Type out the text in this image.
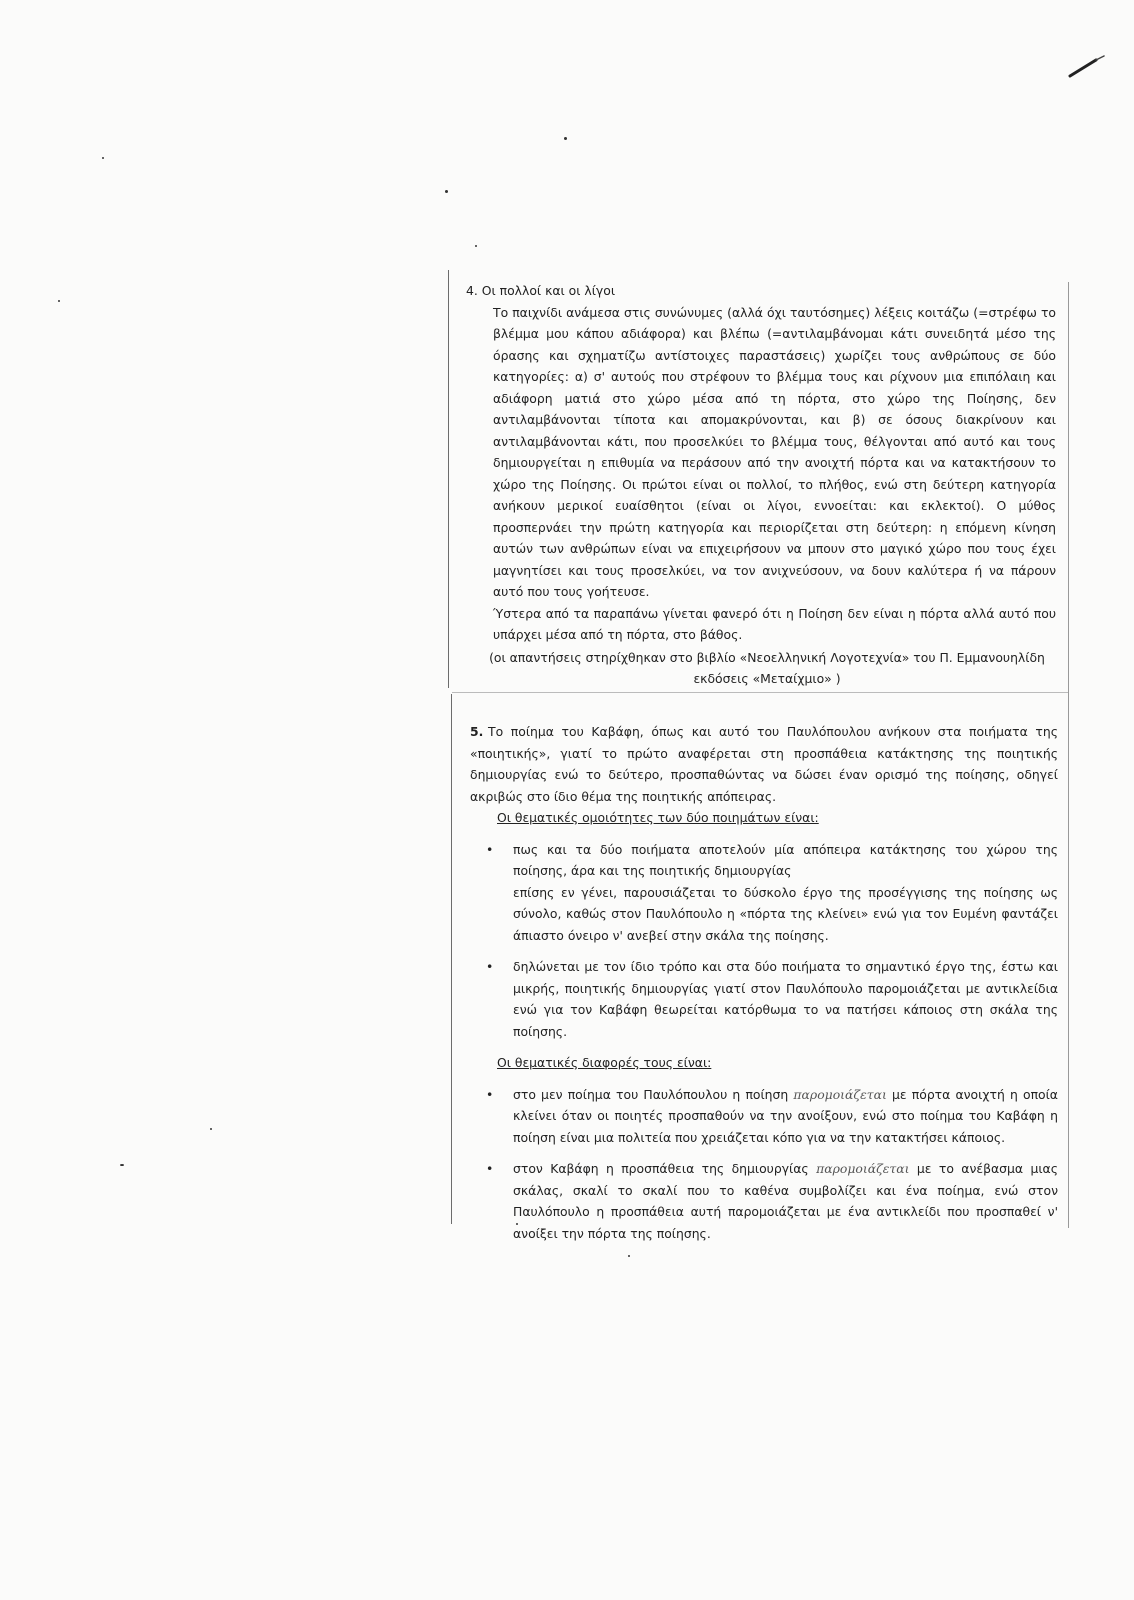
4. Οι πολλοί και οι λίγοι

Το παιχνίδι ανάμεσα στις συνώνυμες (αλλά όχι ταυτόσημες) λέξεις κοιτάζω (=στρέφω το βλέμμα μου κάπου αδιάφορα) και βλέπω (=αντιλαμβάνομαι κάτι συνειδητά μέσο της όρασης και σχηματίζω αντίστοιχες παραστάσεις) χωρίζει τους ανθρώπους σε δύο κατηγορίες: α) σ' αυτούς που στρέφουν το βλέμμα τους και ρίχνουν μια επιπόλαιη και αδιάφορη ματιά στο χώρο μέσα από τη πόρτα, στο χώρο της Ποίησης, δεν αντιλαμβάνονται τίποτα και απομακρύνονται, και β) σε όσους διακρίνουν και αντιλαμβάνονται κάτι, που προσελκύει το βλέμμα τους, θέλγονται από αυτό και τους δημιουργείται η επιθυμία να περάσουν από την ανοιχτή πόρτα και να κατακτήσουν το χώρο της Ποίησης. Οι πρώτοι είναι οι πολλοί, το πλήθος, ενώ στη δεύτερη κατηγορία ανήκουν μερικοί ευαίσθητοι (είναι οι λίγοι, εννοείται: και εκλεκτοί). Ο μύθος προσπερνάει την πρώτη κατηγορία και περιορίζεται στη δεύτερη: η επόμενη κίνηση αυτών των ανθρώπων είναι να επιχειρήσουν να μπουν στο μαγικό χώρο που τους έχει μαγνητίσει και τους προσελκύει, να τον ανιχνεύσουν, να δουν καλύτερα ή να πάρουν αυτό που τους γοήτευσε.

Ύστερα από τα παραπάνω γίνεται φανερό ότι η Ποίηση δεν είναι η πόρτα αλλά αυτό που υπάρχει μέσα από τη πόρτα, στο βάθος.

(οι απαντήσεις στηρίχθηκαν στο βιβλίο «Νεοελληνική Λογοτεχνία» του Π. Εμμανουηλίδη
εκδόσεις «Μεταίχμιο» )

5. Το ποίημα του Καβάφη, όπως και αυτό του Παυλόπουλου ανήκουν στα ποιήματα της «ποιητικής», γιατί το πρώτο αναφέρεται στη προσπάθεια κατάκτησης της ποιητικής δημιουργίας ενώ το δεύτερο, προσπαθώντας να δώσει έναν ορισμό της ποίησης, οδηγεί ακριβώς στο ίδιο θέμα της ποιητικής απόπειρας.

Οι θεματικές ομοιότητες των δύο ποιημάτων είναι:

• πως και τα δύο ποιήματα αποτελούν μία απόπειρα κατάκτησης του χώρου της ποίησης, άρα και της ποιητικής δημιουργίας
επίσης εν γένει, παρουσιάζεται το δύσκολο έργο της προσέγγισης της ποίησης ως σύνολο, καθώς στον Παυλόπουλο η «πόρτα της κλείνει» ενώ για τον Ευμένη φαντάζει άπιαστο όνειρο ν' ανεβεί στην σκάλα της ποίησης.
• δηλώνεται με τον ίδιο τρόπο και στα δύο ποιήματα το σημαντικό έργο της, έστω και μικρής, ποιητικής δημιουργίας γιατί στον Παυλόπουλο παρομοιάζεται με αντικλείδια ενώ για τον Καβάφη θεωρείται κατόρθωμα το να πατήσει κάποιος στη σκάλα της ποίησης.

Οι θεματικές διαφορές τους είναι:

• στο μεν ποίημα του Παυλόπουλου η ποίηση παρομοιάζεται με πόρτα ανοιχτή η οποία κλείνει όταν οι ποιητές προσπαθούν να την ανοίξουν, ενώ στο ποίημα του Καβάφη η ποίηση είναι μια πολιτεία που χρειάζεται κόπο για να την κατακτήσει κάποιος.
• στον Καβάφη η προσπάθεια της δημιουργίας παρομοιάζεται με το ανέβασμα μιας σκάλας, σκαλί το σκαλί που το καθένα συμβολίζει και ένα ποίημα, ενώ στον Παυλόπουλο η προσπάθεια αυτή παρομοιάζεται με ένα αντικλείδι που προσπαθεί ν' ανοίξει την πόρτα της ποίησης.
